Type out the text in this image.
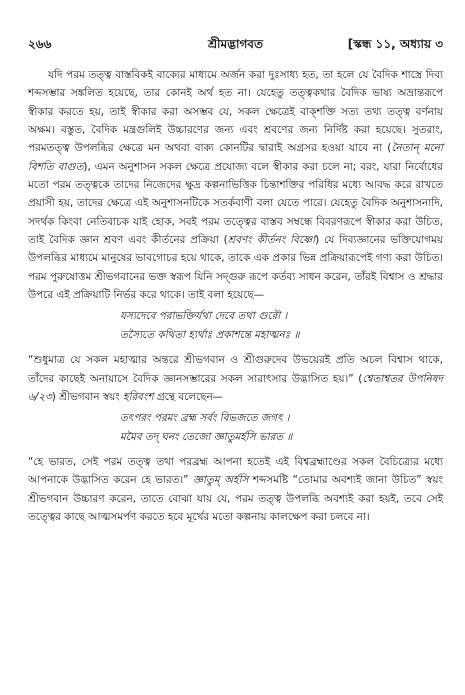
২৬৬	শ্রীমদ্ভাগবত	[স্কন্ধ ১১, অধ্যায় ৩

যদি পরম তত্ত্ব বাস্তবিকই বাক্যের মাধ্যমে অর্জন করা দুঃসাধ্য হত, তা হলে যে বৈদিক শাস্ত্রে দিব্য শব্দসম্ভার সঙ্কলিত হয়েছে, তার কোনই অর্থ হত না। যেহেতু তত্ত্বকথার বৈদিক ভাষ্য অভ্রান্তরূপে স্বীকার করতে হয়, তাই স্বীকার করা অসম্ভব যে, সকল ক্ষেত্রেই বাক্শক্তি সত্য তথ্য তত্ত্ব বর্ণনায় অক্ষম। বস্তুত, বৈদিক মন্ত্রগুলিই উচ্চারণের জন্য এবং শ্রবণের জন্য নির্দিষ্ট করা হয়েছে। সুতরাং, পরমতত্ত্ব উপলব্ধির ক্ষেত্রে মন অথবা বাক্য কোনটির দ্বারাই অগ্রসর হওয়া যাবে না (নৈতান্ মনো বিশতি বাগুত), এমন অনুশাসন সকল ক্ষেত্রে প্রযোজ্য বলে স্বীকার করা চলে না; বরং, যারা নির্বোধের মতো পরম তত্ত্বকে তাদের নিজেদের ক্ষুদ্র কল্পনাভিত্তিক চিন্তাশক্তির পরিধির মধ্যে আবদ্ধ করে রাখতে প্রয়াসী হয়, তাদের ক্ষেত্রে এই অনুশাসনটিকে সতর্কবাণী বলা যেতে পারে। যেহেতু বৈদিক অনুশাসনাদি, সদর্থক কিংবা নেতিবাচক যাই হোক, সবই পরম তত্ত্বের বাস্তব সম্বন্ধে বিবরণরূপে স্বীকার করা উচিত, তাই বৈদিক জ্ঞান শ্রবণ এবং কীর্তনের প্রক্রিয়া (শ্রবণং কীর্তনং বিষ্ণো) যে দিব্যজ্ঞানের ভক্তিযোগময় উপলব্ধির মাধ্যমে মানুষের ভাবগোচর হয়ে থাকে, তাকে এক প্রকার ভিন্ন প্রক্রিয়ারূপেই গণ্য করা উচিত। পরম পুরুষোত্তম শ্রীভগবানের ভক্ত স্বরূপ যিনি সদ্গুরু রূপে কর্তব্য সাধন করেন, তাঁরই বিশ্বাস ও শ্রদ্ধার উপরে এই প্রক্রিয়াটি নির্ভর করে থাকে। তাই বলা হয়েছে—

যস্যদেবে পরাভক্তির্যথা দেবে তথা গুরৌ ।
তস্যৈতে কথিতা হ্যর্থাঃ প্রকাশন্তে মহাত্মনঃ ॥

“শুধুমাত্র যে সকল মহাত্মার অন্তরে শ্রীভগবান ও শ্রীগুরুদেব উভয়েরই প্রতি অচল বিশ্বাস থাকে, তাঁদের কাছেই অনায়াসে বৈদিক জ্ঞানসম্ভারের সকল সারাৎসার উদ্ভাসিত হয়।” (শ্বেতাশ্বতর উপনিষদ ৬/২৩) শ্রীভগবান স্বয়ং হরিবংশ গ্রন্থে বলেছেন—

তৎপরং পরমং ব্রহ্ম সর্বং বিভজতে জগৎ ।
মমৈব তদ্ ঘনং তেজো জ্ঞাতুমর্হসি ভারত ॥

“হে ভারত, সেই পরম তত্ত্ব তথা পরব্রহ্ম আপনা হতেই এই বিশ্বব্রহ্মাণ্ডের সকল বৈচিত্র্যের মধ্যে আপনাকে উদ্ভাসিত করেন হে ভারত।” জ্ঞাতুম্ অর্হসি শব্দসমষ্টি “তোমার অবশ্যই জানা উচিত” স্বয়ং শ্রীভগবান উচ্চারণ করেন, তাতে বোঝা যায় যে, পরম তত্ত্ব উপলব্ধি অবশ্যই করা হয়ই, তবে সেই তত্ত্বের কাছে আত্মসমর্পণ করতে হবে মূর্খের মতো কল্পনায় কালক্ষেপ করা চলবে না।
